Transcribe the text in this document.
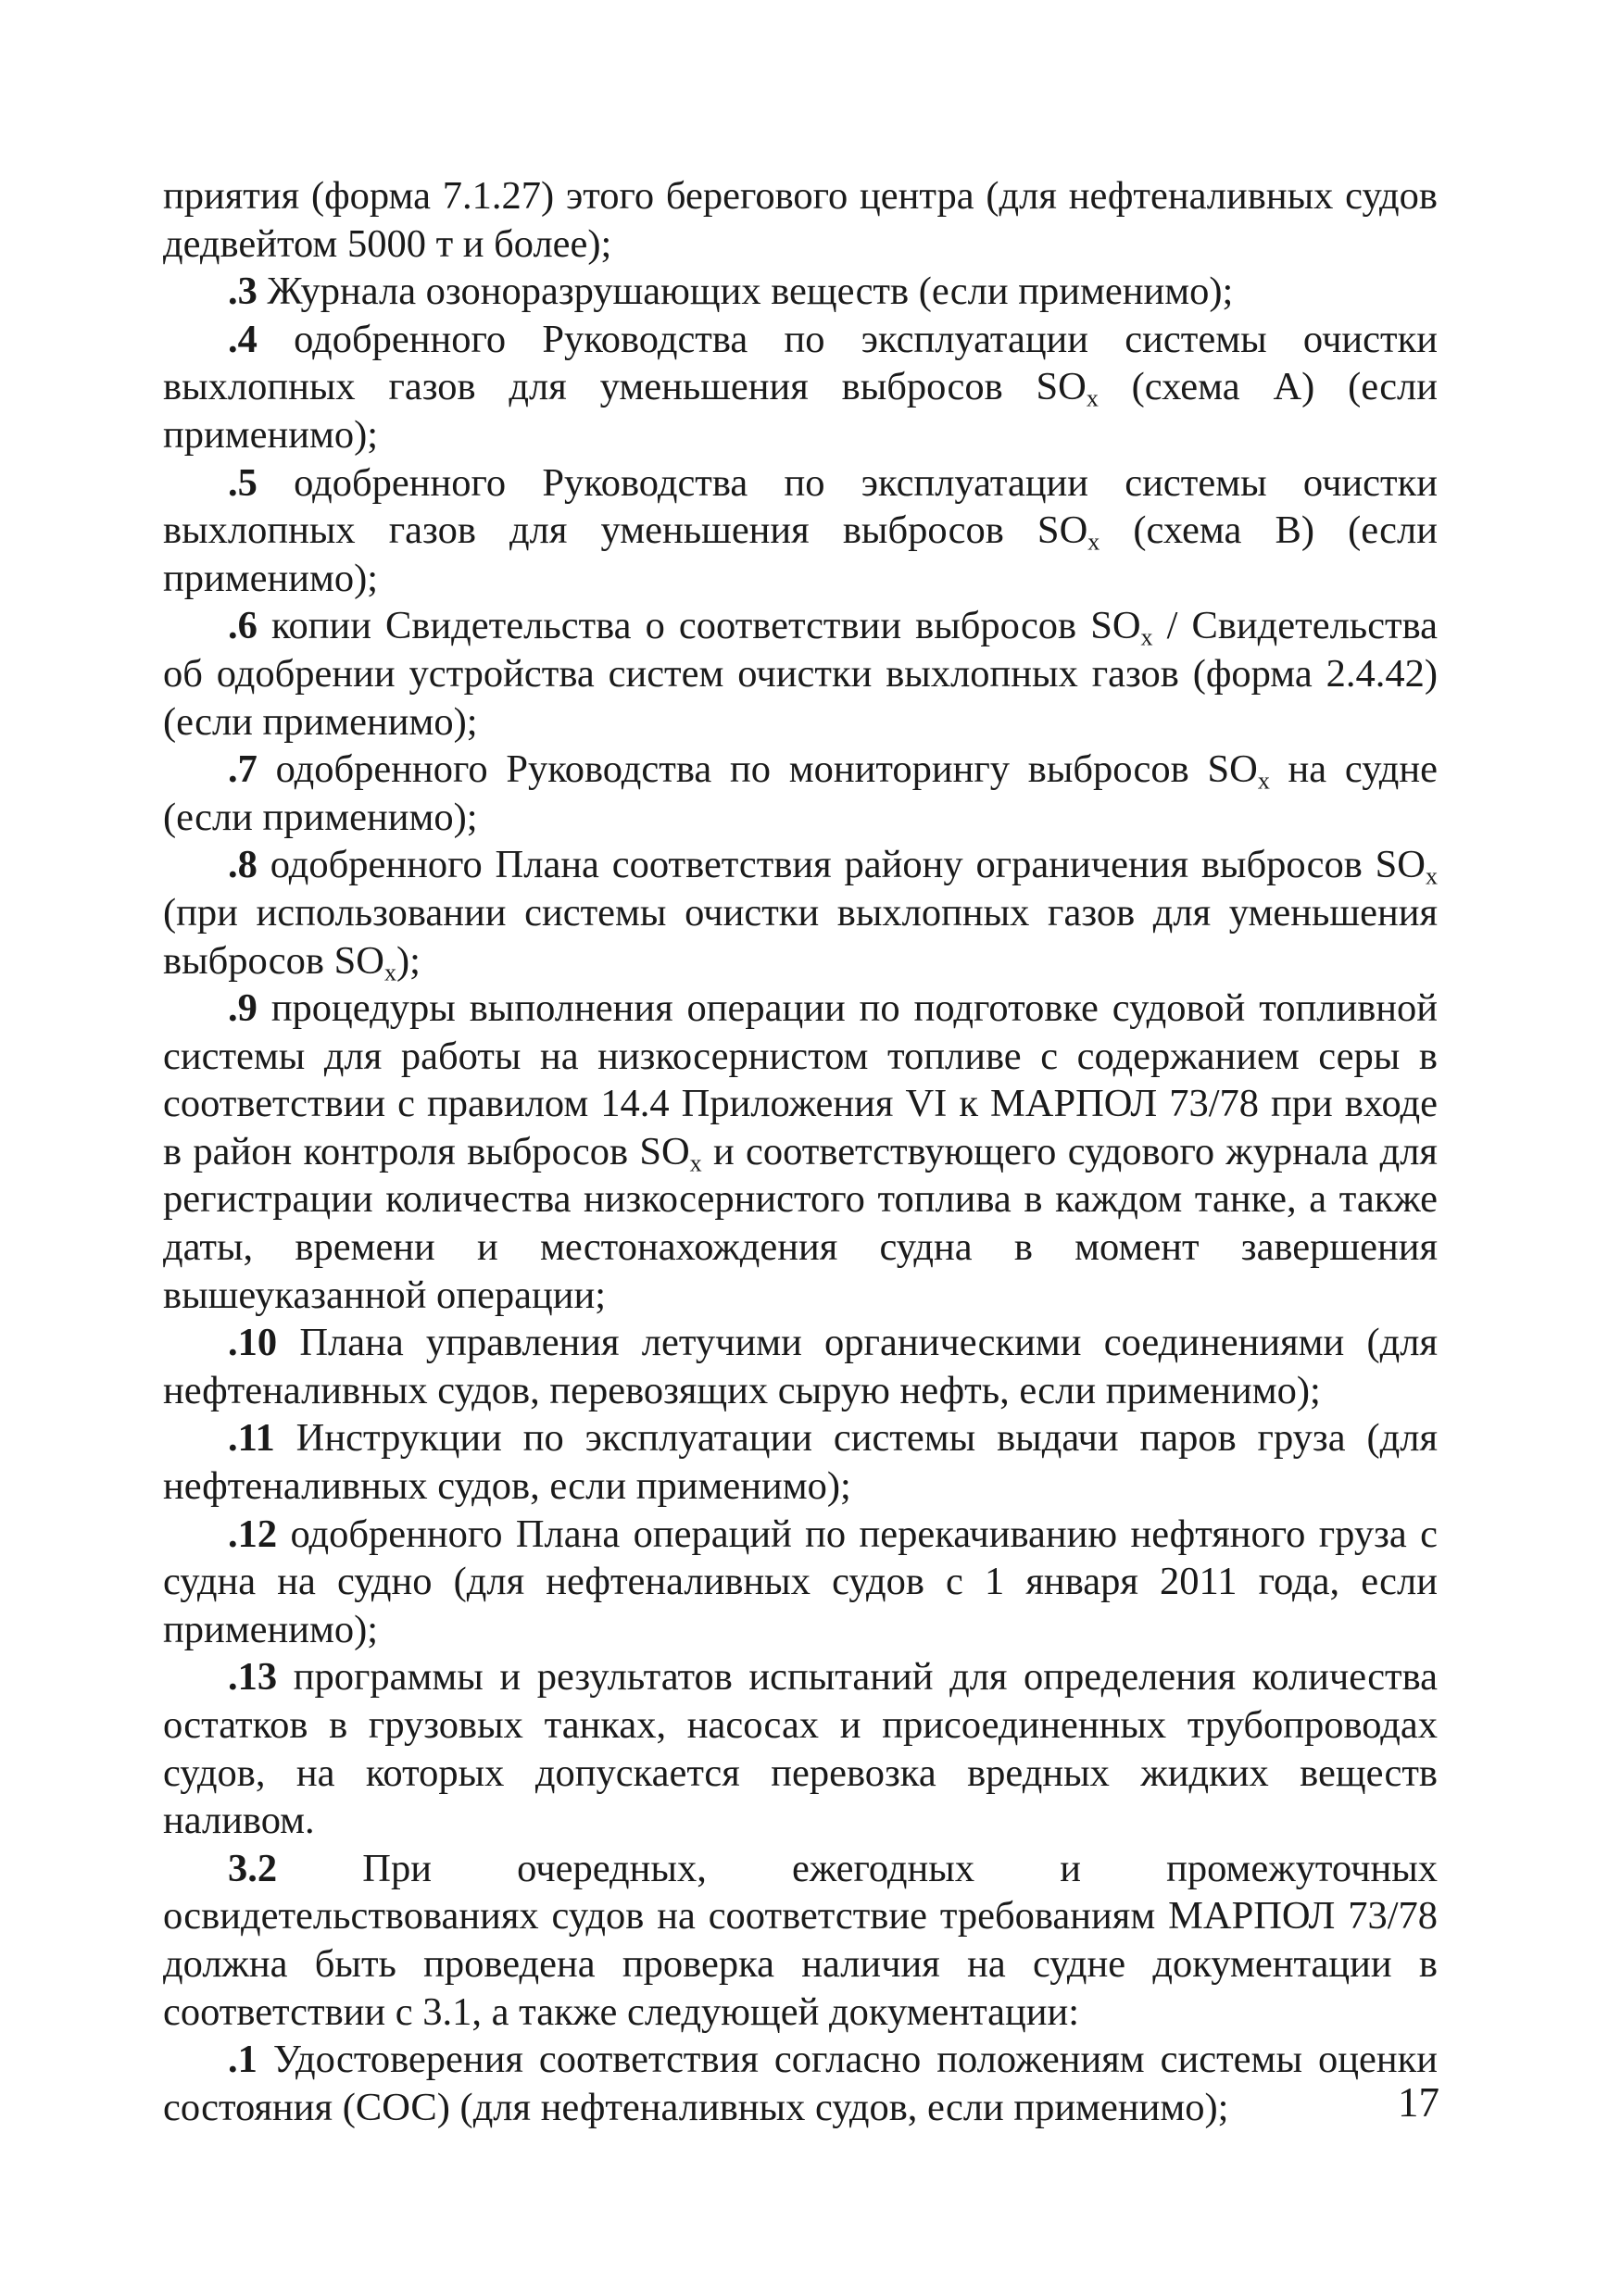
приятия (форма 7.1.27) этого берегового центра (для нефтеналивных судов дедвейтом 5000 т и более);

.3 Журнала озоноразрушающих веществ (если применимо);

.4 одобренного Руководства по эксплуатации системы очистки выхлопных газов для уменьшения выбросов $SO_x$ (схема А) (если применимо);

.5 одобренного Руководства по эксплуатации системы очистки выхлопных газов для уменьшения выбросов $SO_x$ (схема В) (если применимо);

.6 копии Свидетельства о соответствии выбросов $SO_x$ / Свидетельства об одобрении устройства систем очистки выхлопных газов (форма 2.4.42) (если применимо);

.7 одобренного Руководства по мониторингу выбросов $SO_x$ на судне (если применимо);

.8 одобренного Плана соответствия району ограничения выбросов $SO_x$ (при использовании системы очистки выхлопных газов для уменьшения выбросов $SO_x$);

.9 процедуры выполнения операции по подготовке судовой топливной системы для работы на низкосернистом топливе с содержанием серы в соответствии с правилом 14.4 Приложения VI к МАРПОЛ 73/78 при входе в район контроля выбросов $SO_x$ и соответствующего судового журнала для регистрации количества низкосернистого топлива в каждом танке, а также даты, времени и местонахождения судна в момент завершения вышеуказанной операции;

.10 Плана управления летучими органическими соединениями (для нефтеналивных судов, перевозящих сырую нефть, если применимо);

.11 Инструкции по эксплуатации системы выдачи паров груза (для нефтеналивных судов, если применимо);

.12 одобренного Плана операций по перекачиванию нефтяного груза с судна на судно (для нефтеналивных судов с 1 января 2011 года, если применимо);

.13 программы и результатов испытаний для определения количества остатков в грузовых танках, насосах и присоединенных трубопроводах судов, на которых допускается перевозка вредных жидких веществ наливом.

3.2 При очередных, ежегодных и промежуточных освидетельствованиях судов на соответствие требованиям МАРПОЛ 73/78 должна быть проведена проверка наличия на судне документации в соответствии с 3.1, а также следующей документации:

.1 Удостоверения соответствия согласно положениям системы оценки состояния (СОС) (для нефтеналивных судов, если применимо);	17
